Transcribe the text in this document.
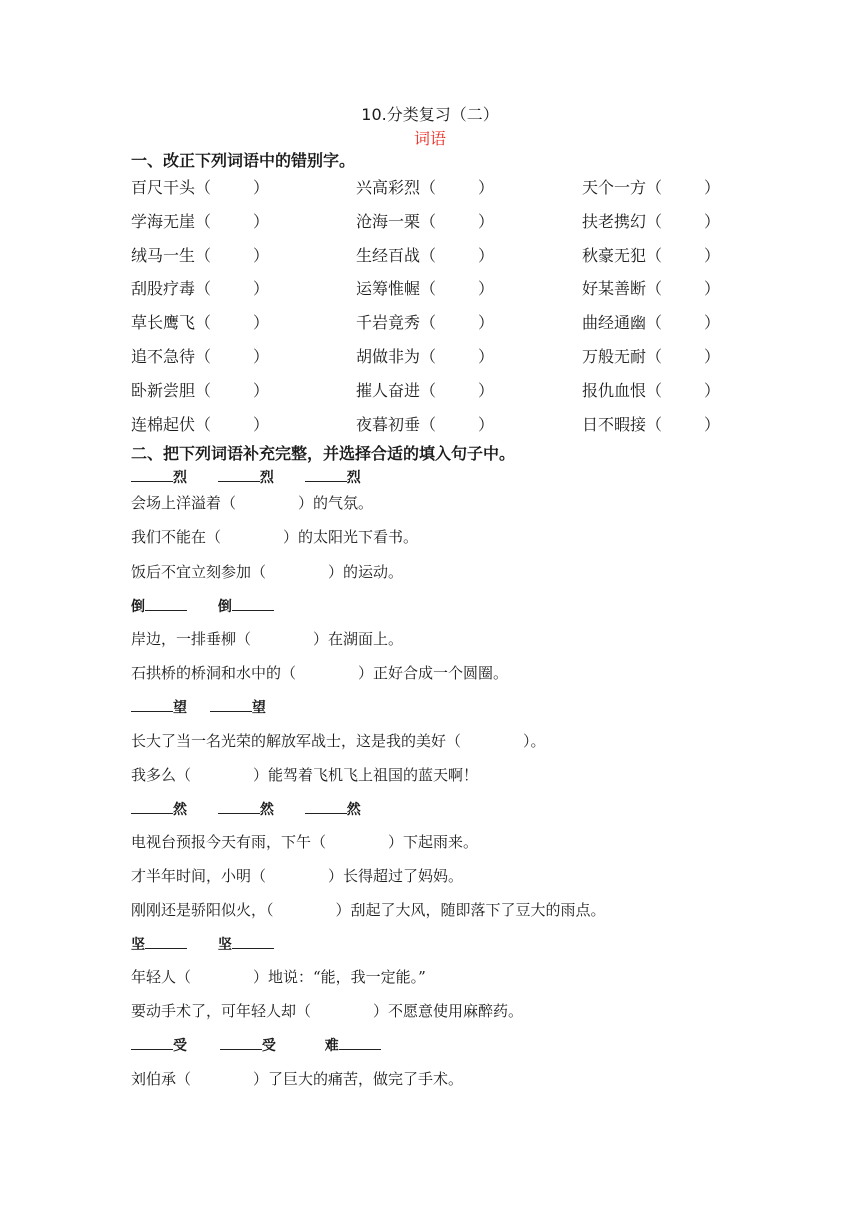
10.分类复习（二）
词语
一、改正下列词语中的错别字。
百尺干头（	）	兴高彩烈（	）	天个一方（	）
学海无崖（	）	沧海一栗（	）	扶老携幻（	）
绒马一生（	）	生经百战（	）	秋豪无犯（	）
刮股疗毒（	）	运筹惟幄（	）	好某善断（	）
草长鹰飞（	）	千岩竟秀（	）	曲经通幽（	）
追不急待（	）	胡做非为（	）	万般无耐（	）
卧新尝胆（	）	摧人奋进（	）	报仇血恨（	）
连棉起伏（	）	夜暮初垂（	）	日不暇接（	）
二、把下列词语补充完整，并选择合适的填入句子中。
烈	烈	烈
会场上洋溢着（	）的气氛。
我们不能在（	）的太阳光下看书。
饭后不宜立刻参加（	）的运动。
倒	倒
岸边，一排垂柳（	）在湖面上。
石拱桥的桥洞和水中的（	）正好合成一个圆圈。
望	望
长大了当一名光荣的解放军战士，这是我的美好（	）。
我多么（	）能驾着飞机飞上祖国的蓝天啊！
然	然	然
电视台预报今天有雨，下午（	）下起雨来。
才半年时间，小明（	）长得超过了妈妈。
刚刚还是骄阳似火，（	）刮起了大风，随即落下了豆大的雨点。
坚	坚
年轻人（	）地说：“能，我一定能。”
要动手术了，可年轻人却（	）不愿意使用麻醉药。
受	受	难
刘伯承（	）了巨大的痛苦，做完了手术。
